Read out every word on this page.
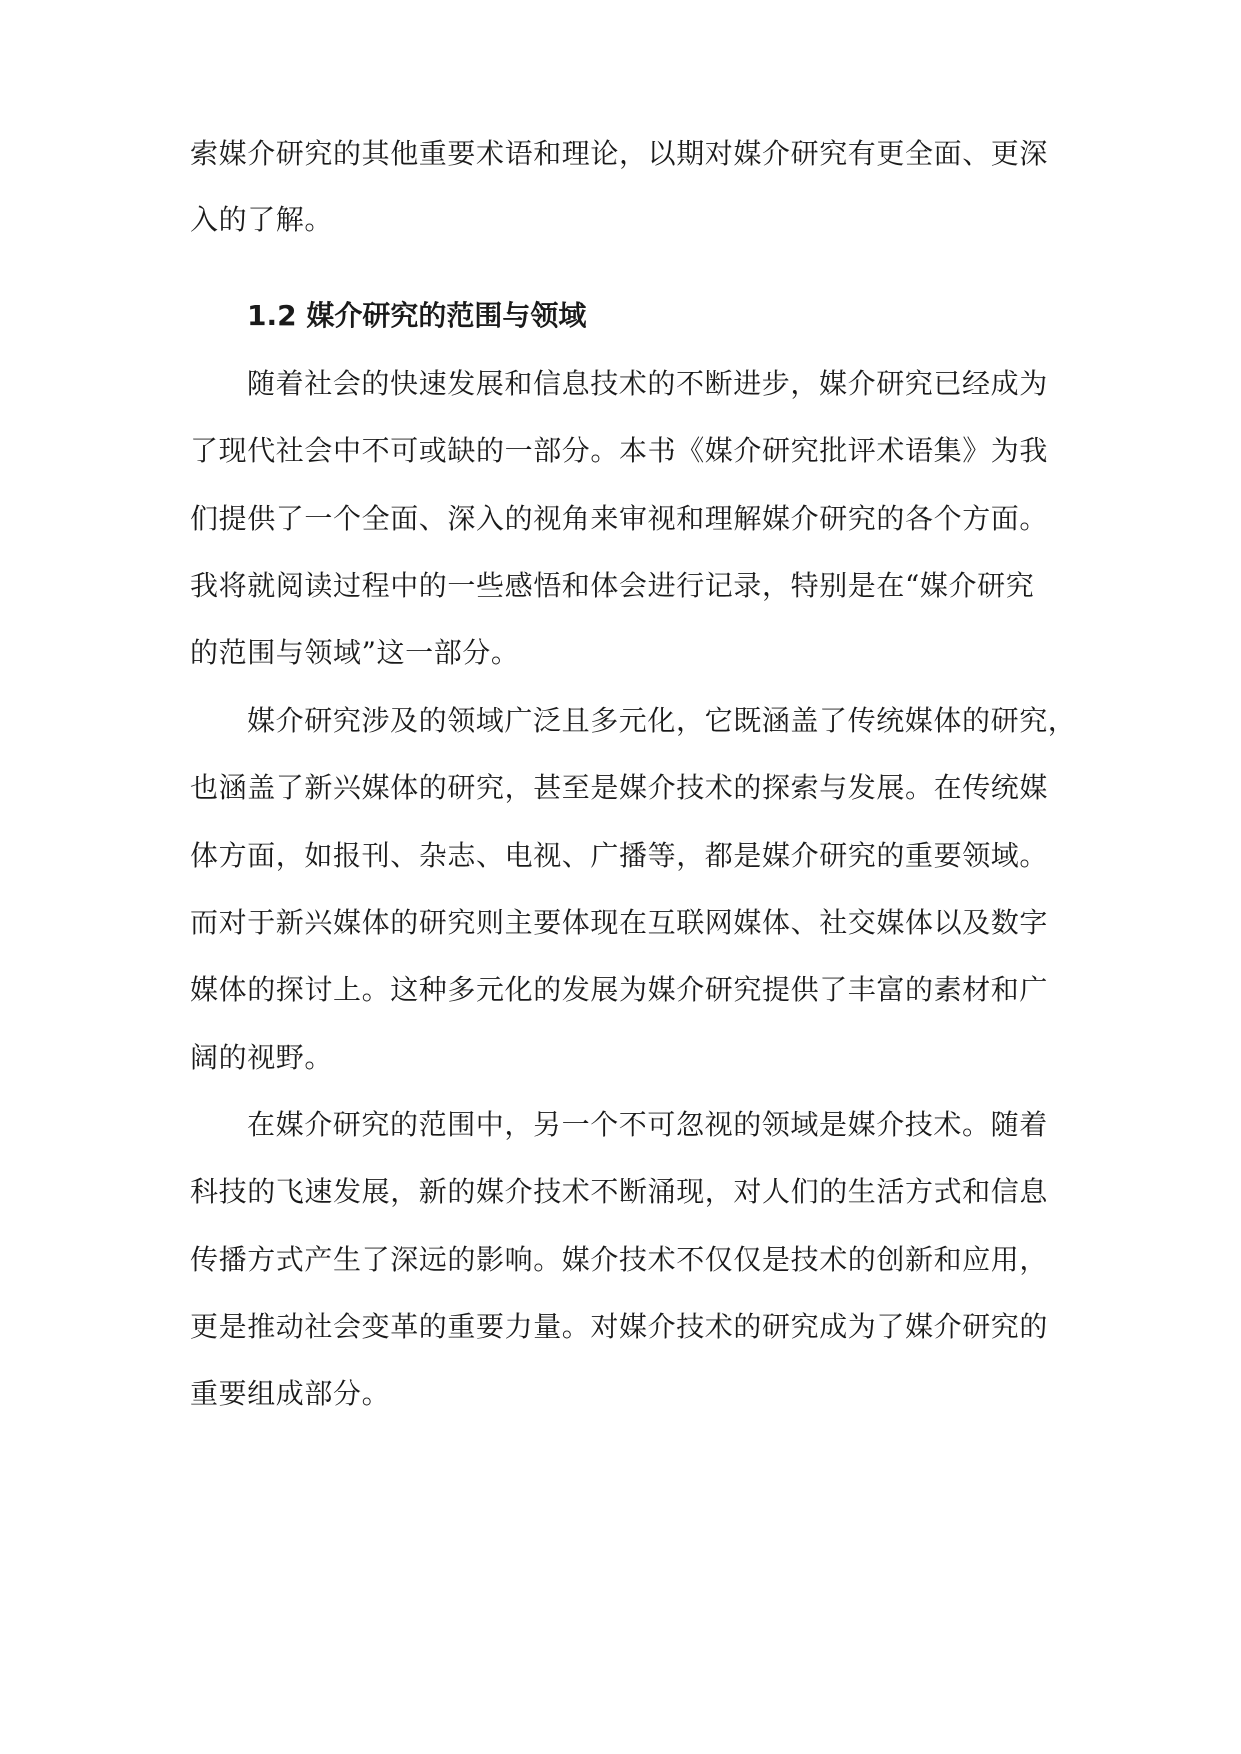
索媒介研究的其他重要术语和理论，以期对媒介研究有更全面、更深
入的了解。
1.2 媒介研究的范围与领域
随着社会的快速发展和信息技术的不断进步，媒介研究已经成为
了现代社会中不可或缺的一部分。本书《媒介研究批评术语集》为我
们提供了一个全面、深入的视角来审视和理解媒介研究的各个方面。
我将就阅读过程中的一些感悟和体会进行记录，特别是在“媒介研究
的范围与领域”这一部分。
媒介研究涉及的领域广泛且多元化，它既涵盖了传统媒体的研究，
也涵盖了新兴媒体的研究，甚至是媒介技术的探索与发展。在传统媒
体方面，如报刊、杂志、电视、广播等，都是媒介研究的重要领域。
而对于新兴媒体的研究则主要体现在互联网媒体、社交媒体以及数字
媒体的探讨上。这种多元化的发展为媒介研究提供了丰富的素材和广
阔的视野。
在媒介研究的范围中，另一个不可忽视的领域是媒介技术。随着
科技的飞速发展，新的媒介技术不断涌现，对人们的生活方式和信息
传播方式产生了深远的影响。媒介技术不仅仅是技术的创新和应用，
更是推动社会变革的重要力量。对媒介技术的研究成为了媒介研究的
重要组成部分。
